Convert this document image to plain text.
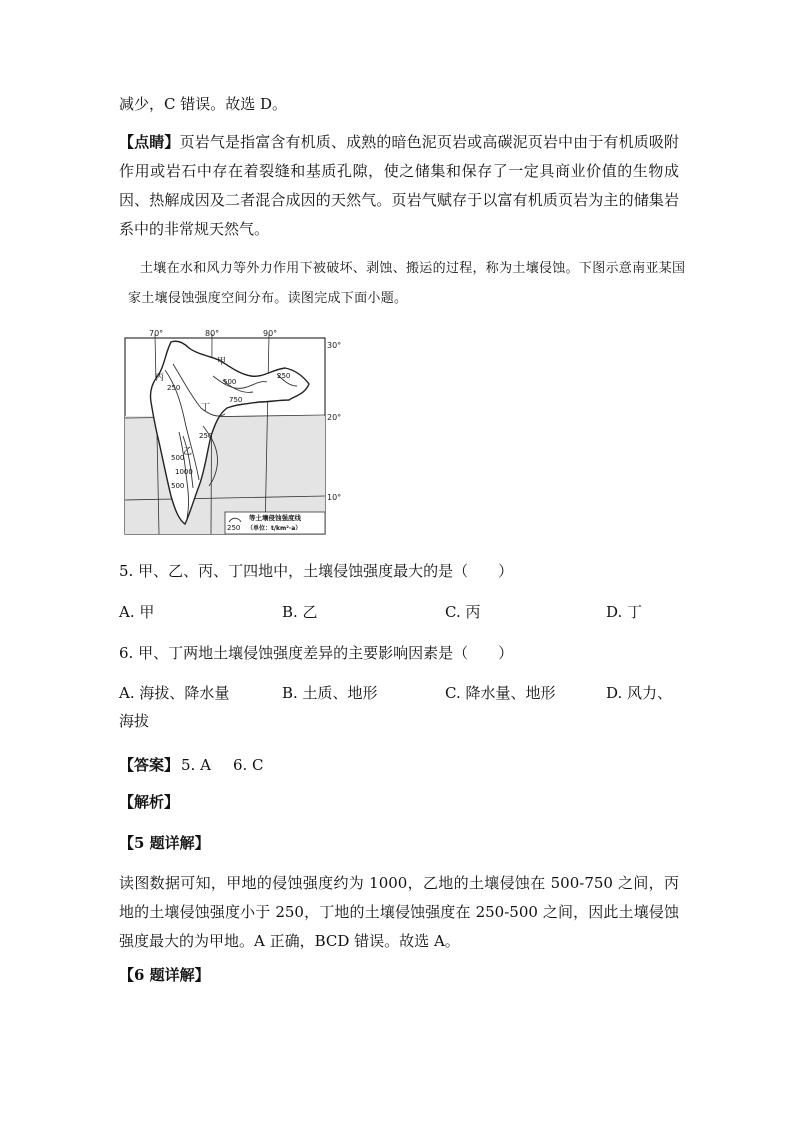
减少，C 错误。故选 D。
【点睛】页岩气是指富含有机质、成熟的暗色泥页岩或高碳泥页岩中由于有机质吸附作用或岩石中存在着裂缝和基质孔隙，使之储集和保存了一定具商业价值的生物成因、热解成因及二者混合成因的天然气。页岩气赋存于以富有机质页岩为主的储集岩系中的非常规天然气。
土壤在水和风力等外力作用下被破坏、剥蚀、搬运的过程，称为土壤侵蚀。下图示意南亚某国家土壤侵蚀强度空间分布。读图完成下面小题。
70°	80°	90°
30°
20°
10°
丙
甲
乙
丁
250
500
750
250
250
500
1000
500
250
等土壤侵蚀强度线
（单位：t/km²·a）
5. 甲、乙、丙、丁四地中，土壤侵蚀强度最大的是（　　）
A. 甲	B. 乙	C. 丙	D. 丁
6. 甲、丁两地土壤侵蚀强度差异的主要影响因素是（　　）
A. 海拔、降水量	B. 土质、地形	C. 降水量、地形	D. 风力、
海拔
【答案】 5. A 6. C
【解析】
【5 题详解】
读图数据可知，甲地的侵蚀强度约为 1000，乙地的土壤侵蚀在 500-750 之间，丙地的土壤侵蚀强度小于 250，丁地的土壤侵蚀强度在 250-500 之间，因此土壤侵蚀强度最大的为甲地。A 正确，BCD 错误。故选 A。
【6 题详解】
